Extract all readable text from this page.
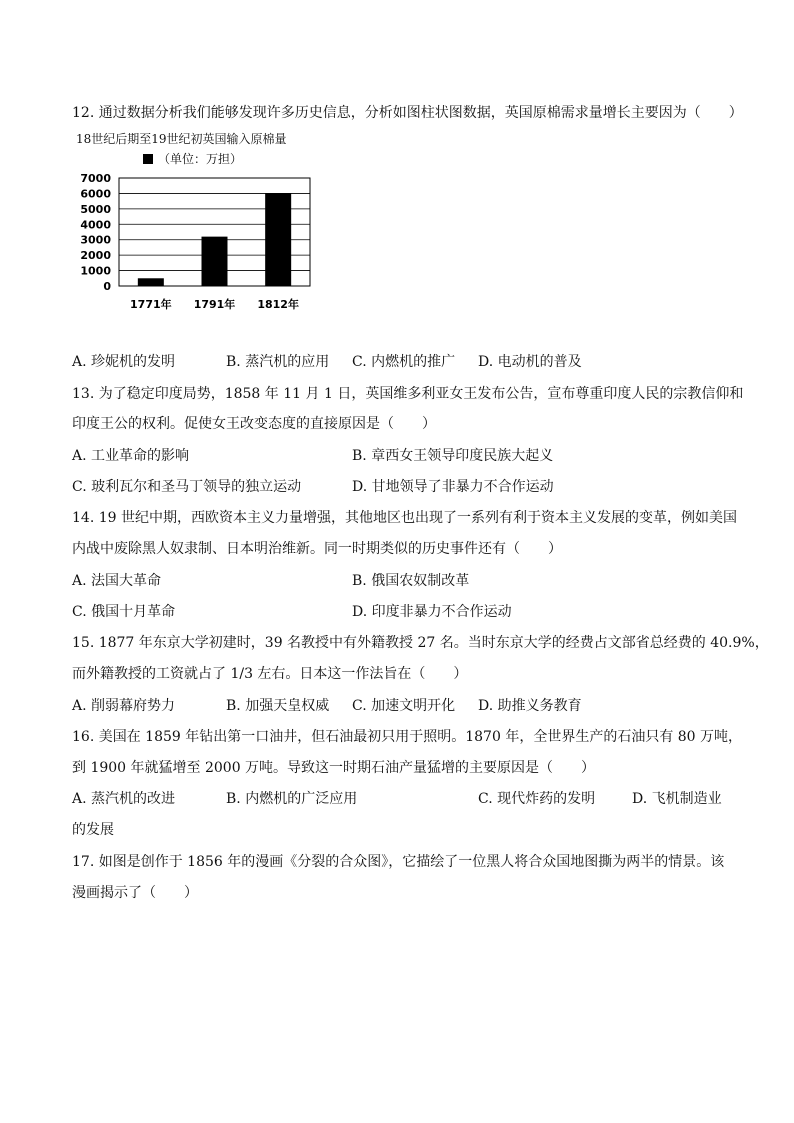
12. 通过数据分析我们能够发现许多历史信息，分析如图柱状图数据，英国原棉需求量增长主要因为（　　）
18世纪后期至19世纪初英国输入原棉量
（单位：万担）
0
1000
2000
3000
4000
5000
6000
7000
1771年 1791年 1812年
A. 珍妮机的发明	B. 蒸汽机的应用 C. 内燃机的推广 D. 电动机的普及
13. 为了稳定印度局势，1858 年 11 月 1 日，英国维多利亚女王发布公告，宣布尊重印度人民的宗教信仰和
印度王公的权利。促使女王改变态度的直接原因是（　　）
A. 工业革命的影响	B. 章西女王领导印度民族大起义
C. 玻利瓦尔和圣马丁领导的独立运动	D. 甘地领导了非暴力不合作运动
14. 19 世纪中期，西欧资本主义力量增强，其他地区也出现了一系列有利于资本主义发展的变革，例如美国
内战中废除黑人奴隶制、日本明治维新。同一时期类似的历史事件还有（　　）
A. 法国大革命	B. 俄国农奴制改革
C. 俄国十月革命	D. 印度非暴力不合作运动
15. 1877 年东京大学初建时，39 名教授中有外籍教授 27 名。当时东京大学的经费占文部省总经费的 40.9%，
而外籍教授的工资就占了 1/3 左右。日本这一作法旨在（　　）
A. 削弱幕府势力	B. 加强天皇权威 C. 加速文明开化 D. 助推义务教育
16. 美国在 1859 年钻出第一口油井，但石油最初只用于照明。1870 年，全世界生产的石油只有 80 万吨，
到 1900 年就猛增至 2000 万吨。导致这一时期石油产量猛增的主要原因是（　　）
A. 蒸汽机的改进	B. 内燃机的广泛应用	C. 现代炸药的发明	D. 飞机制造业
的发展
17. 如图是创作于 1856 年的漫画《分裂的合众图》，它描绘了一位黑人将合众国地图撕为两半的情景。该
漫画揭示了（　　）
